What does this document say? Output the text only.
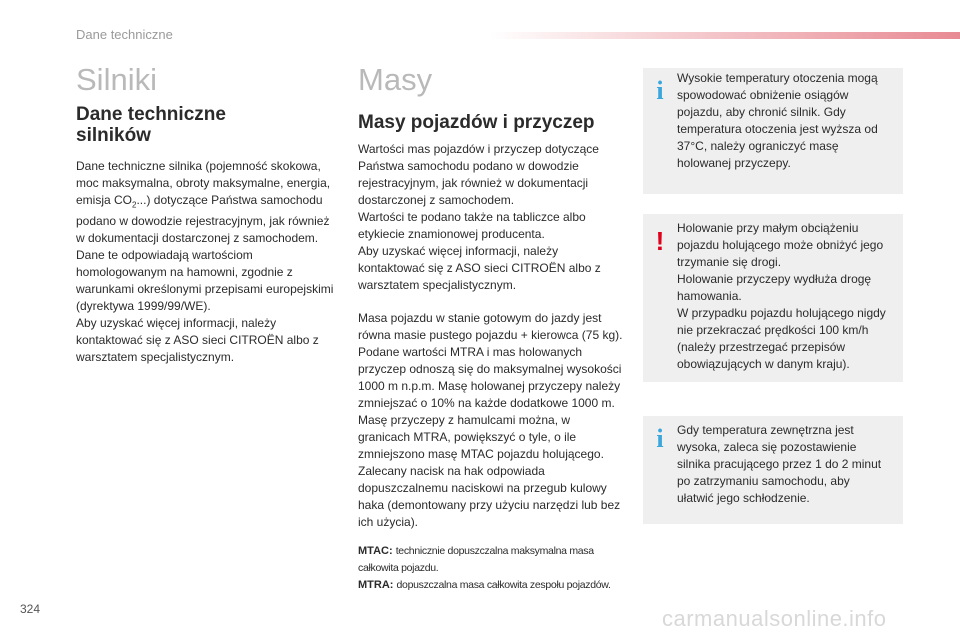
Dane techniczne
Silniki
Dane techniczne
silników

Dane techniczne silnika (pojemność skokowa, moc maksymalna, obroty maksymalne, energia, emisja $CO_2$...) dotyczące Państwa samochodu podano w dowodzie rejestracyjnym, jak również w dokumentacji dostarczonej z samochodem.

Dane te odpowiadają wartościom homologowanym na hamowni, zgodnie z warunkami określonymi przepisami europejskimi (dyrektywa 1999/99/WE).

Aby uzyskać więcej informacji, należy kontaktować się z ASO sieci CITROËN albo z warsztatem specjalistycznym.

Masy
Masy pojazdów i przyczep

Wartości mas pojazdów i przyczep dotyczące Państwa samochodu podano w dowodzie rejestracyjnym, jak również w dokumentacji dostarczonej z samochodem.

Wartości te podano także na tabliczce albo etykiecie znamionowej producenta.

Aby uzyskać więcej informacji, należy kontaktować się z ASO sieci CITROËN albo z warsztatem specjalistycznym.

Masa pojazdu w stanie gotowym do jazdy jest równa masie pustego pojazdu + kierowca (75 kg).

Podane wartości MTRA i mas holowanych przyczep odnoszą się do maksymalnej wysokości 1000 m n.p.m. Masę holowanej przyczepy należy zmniejszać o 10% na każde dodatkowe 1000 m.

Masę przyczepy z hamulcami można, w granicach MTRA, powiększyć o tyle, o ile zmniejszono masę MTAC pojazdu holującego.

Zalecany nacisk na hak odpowiada dopuszczalnemu naciskowi na przegub kulowy haka (demontowany przy użyciu narzędzi lub bez ich użycia).

MTAC: technicznie dopuszczalna maksymalna masa całkowita pojazdu.
MTRA: dopuszczalna masa całkowita zespołu pojazdów.
i Wysokie temperatury otoczenia mogą spowodować obniżenie osiągów pojazdu, aby chronić silnik. Gdy temperatura otoczenia jest wyższa od 37°C, należy ograniczyć masę holowanej przyczepy.
! Holowanie przy małym obciążeniu pojazdu holującego może obniżyć jego trzymanie się drogi.
Holowanie przyczepy wydłuża drogę hamowania.
W przypadku pojazdu holującego nigdy nie przekraczać prędkości 100 km/h (należy przestrzegać przepisów obowiązujących w danym kraju).
i Gdy temperatura zewnętrzna jest wysoka, zaleca się pozostawienie silnika pracującego przez 1 do 2 minut po zatrzymaniu samochodu, aby ułatwić jego schłodzenie.
324	carmanualsonline.info
